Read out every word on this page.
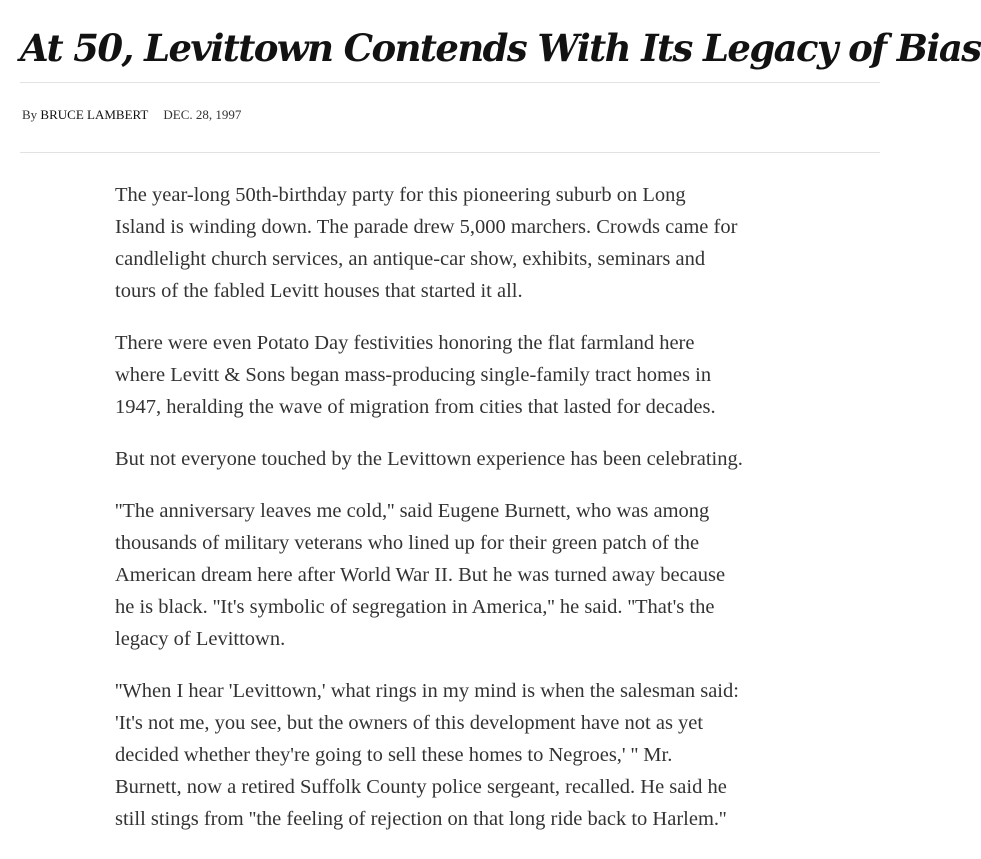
At 50, Levittown Contends With Its Legacy of Bias
By BRUCE LAMBERT DEC. 28, 1997

The year-long 50th-birthday party for this pioneering suburb on Long
Island is winding down. The parade drew 5,000 marchers. Crowds came for
candlelight church services, an antique-car show, exhibits, seminars and
tours of the fabled Levitt houses that started it all.

There were even Potato Day festivities honoring the flat farmland here
where Levitt & Sons began mass-producing single-family tract homes in
1947, heralding the wave of migration from cities that lasted for decades.

But not everyone touched by the Levittown experience has been celebrating.

''The anniversary leaves me cold,'' said Eugene Burnett, who was among
thousands of military veterans who lined up for their green patch of the
American dream here after World War II. But he was turned away because
he is black. ''It's symbolic of segregation in America,'' he said. ''That's the
legacy of Levittown.

''When I hear 'Levittown,' what rings in my mind is when the salesman said:
'It's not me, you see, but the owners of this development have not as yet
decided whether they're going to sell these homes to Negroes,' '' Mr.
Burnett, now a retired Suffolk County police sergeant, recalled. He said he
still stings from ''the feeling of rejection on that long ride back to Harlem.''
